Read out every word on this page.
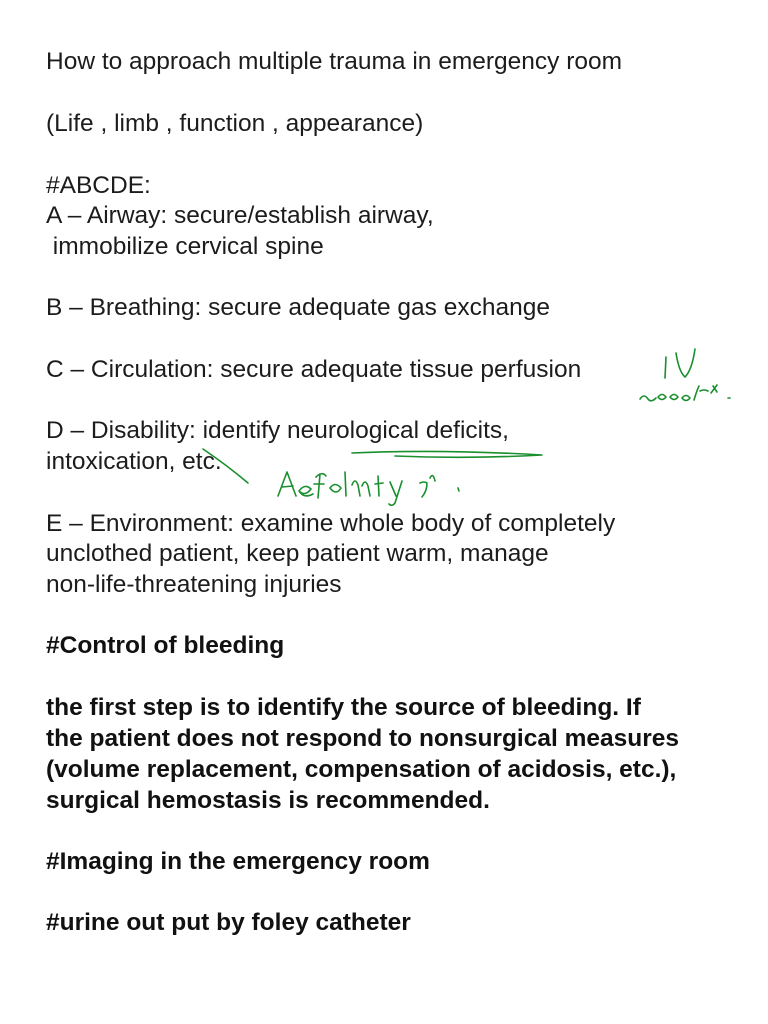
How to approach multiple trauma in emergency room

(Life , limb , function , appearance)

#ABCDE:

A – Airway: secure/establish airway,

immobilize cervical spine

B – Breathing: secure adequate gas exchange

C – Circulation: secure adequate tissue perfusion

D – Disability: identify neurological deficits,

intoxication, etc.

E – Environment: examine whole body of completely

unclothed patient, keep patient warm, manage

non-life-threatening injuries

#Control of bleeding

the first step is to identify the source of bleeding. If

the patient does not respond to nonsurgical measures

(volume replacement, compensation of acidosis, etc.),

surgical hemostasis is recommended.

#Imaging in the emergency room

#urine out put by foley catheter
